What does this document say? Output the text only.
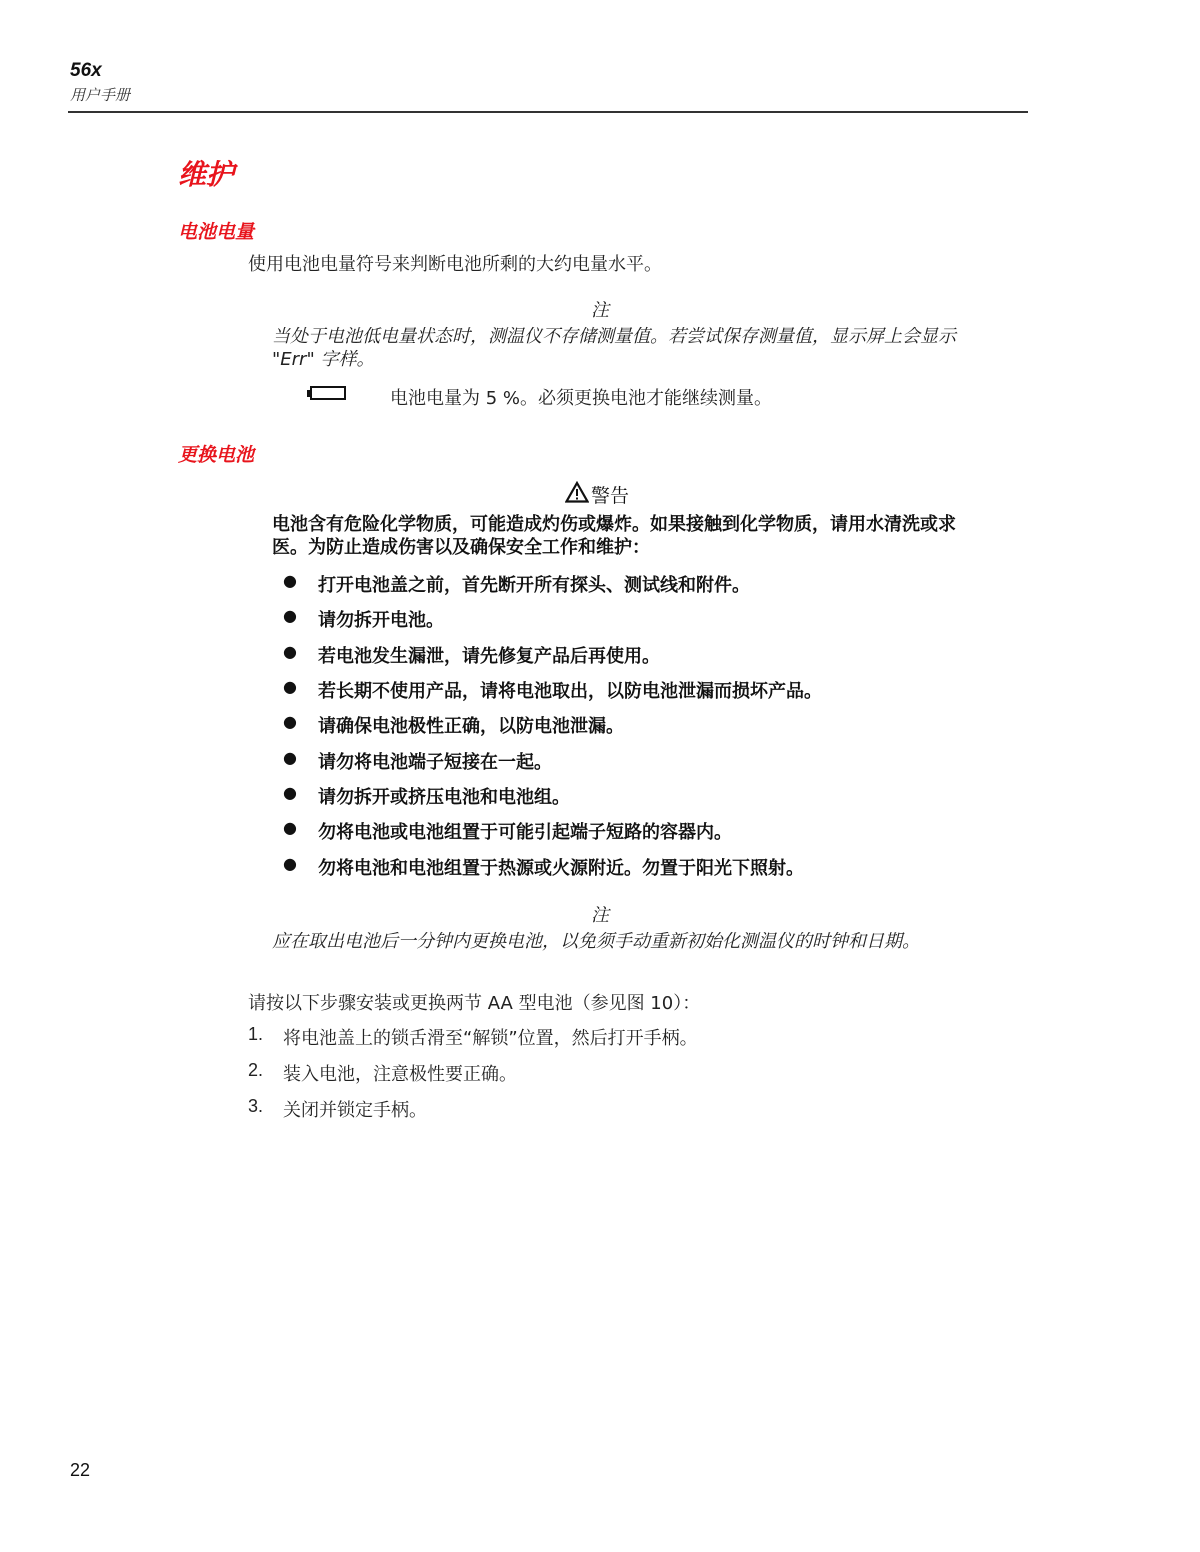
56x
用户手册
维护
电池电量
使用电池电量符号来判断电池所剩的大约电量水平。
注
当处于电池低电量状态时，测温仪不存储测量值。若尝试保存测量值，显示屏上会显示 "Err" 字样。
电池电量为 5 %。必须更换电池才能继续测量。
更换电池
警告
电池含有危险化学物质，可能造成灼伤或爆炸。如果接触到化学物质，请用水清洗或求医。为防止造成伤害以及确保安全工作和维护：
●	打开电池盖之前，首先断开所有探头、测试线和附件。
●	请勿拆开电池。
●	若电池发生漏泄，请先修复产品后再使用。
●	若长期不使用产品，请将电池取出，以防电池泄漏而损坏产品。
●	请确保电池极性正确，以防电池泄漏。
●	请勿将电池端子短接在一起。
●	请勿拆开或挤压电池和电池组。
●	勿将电池或电池组置于可能引起端子短路的容器内。
●	勿将电池和电池组置于热源或火源附近。勿置于阳光下照射。
注
应在取出电池后一分钟内更换电池，以免须手动重新初始化测温仪的时钟和日期。
请按以下步骤安装或更换两节 AA 型电池（参见图 10）：
1.	将电池盖上的锁舌滑至“解锁”位置，然后打开手柄。
2.	装入电池，注意极性要正确。
3.	关闭并锁定手柄。
22
